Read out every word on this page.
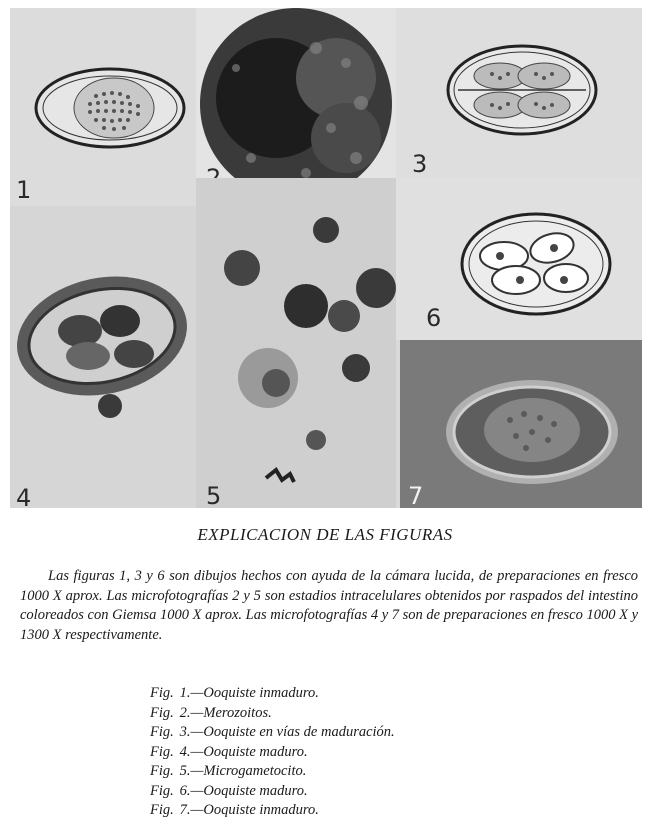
1
3
4	5
6
7
EXPLICACION DE LAS FIGURAS
Las figuras 1, 3 y 6 son dibujos hechos con ayuda de la cámara lucida, de preparaciones en fresco 1000 X aprox. Las microfotografías 2 y 5 son estadios intracelulares obtenidos por raspados del intestino coloreados con Giemsa 1000 X aprox. Las microfotografías 4 y 7 son de preparaciones en fresco 1000 X y 1300 X respectivamente.
Fig. 1.—Ooquiste inmaduro.
Fig. 2.—Merozoitos.
Fig. 3.—Ooquiste en vías de maduración.
Fig. 4.—Ooquiste maduro.
Fig. 5.—Microgametocito.
Fig. 6.—Ooquiste maduro.
Fig. 7.—Ooquiste inmaduro.
